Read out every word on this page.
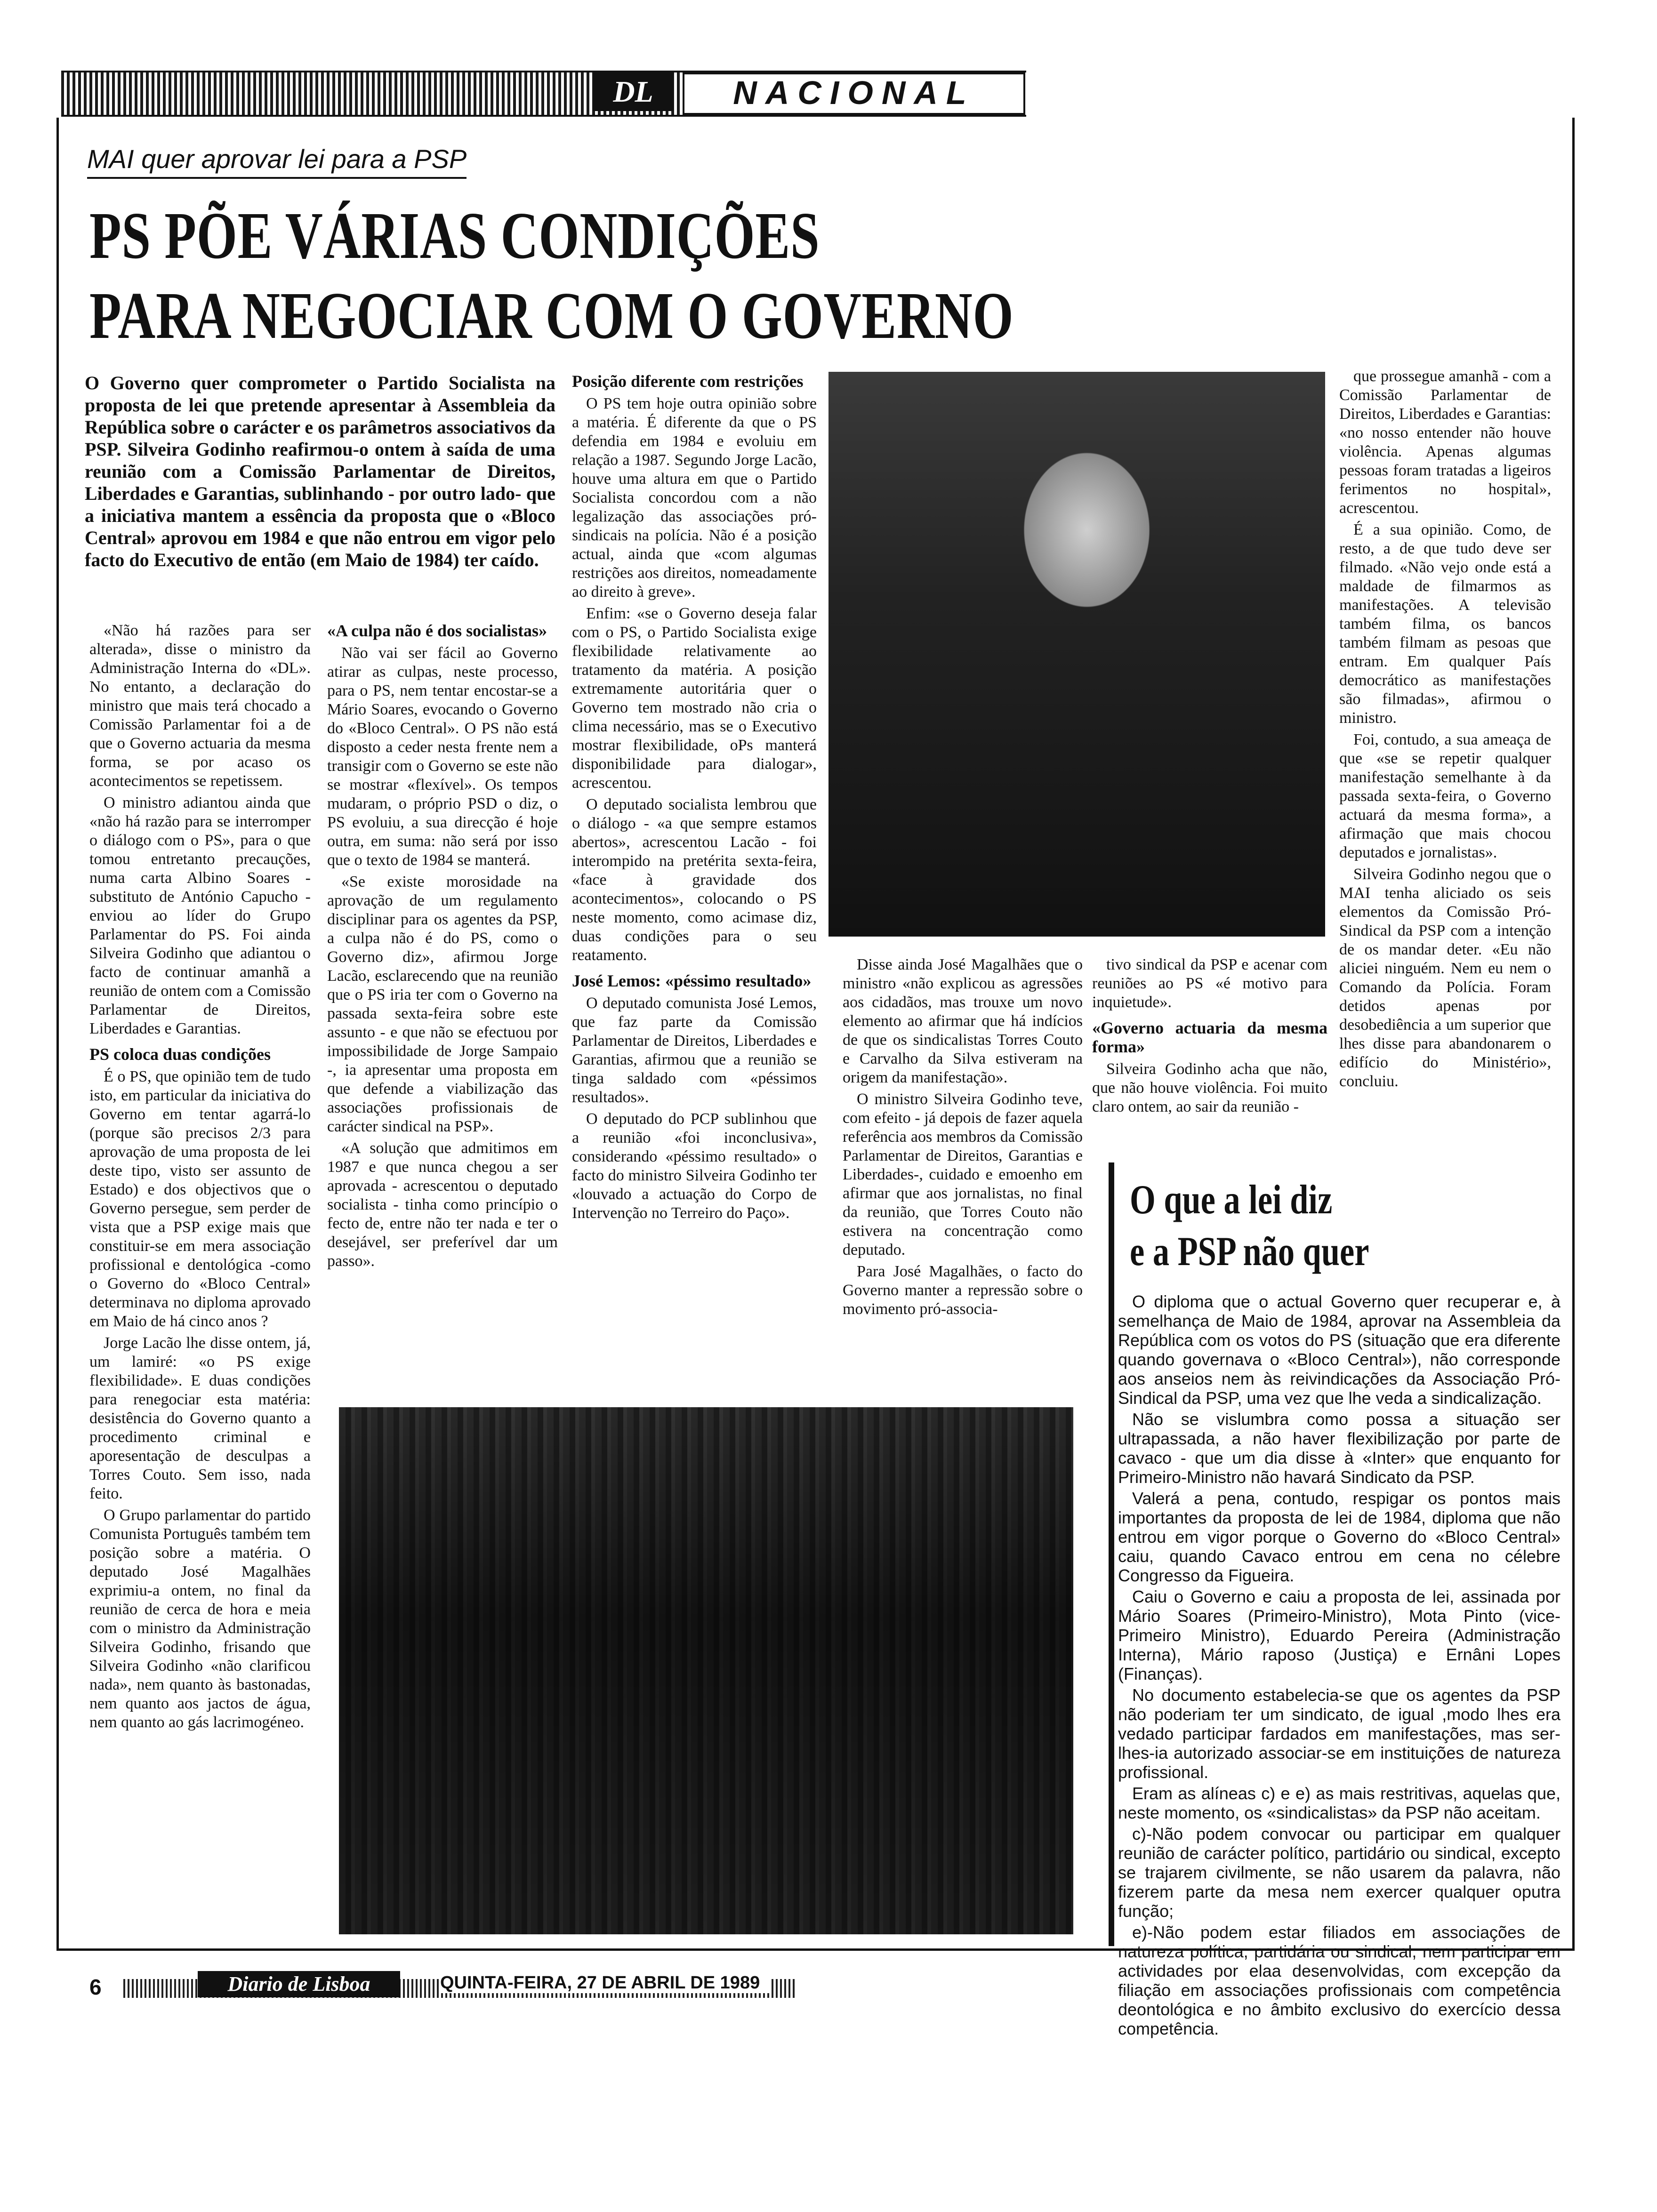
DL	NACIONAL
MAI quer aprovar lei para a PSP
PS PÕE VÁRIAS CONDIÇÕES
PARA NEGOCIAR COM O GOVERNO
O Governo quer comprometer o Partido Socialista na proposta de lei que pretende apresentar à Assembleia da República sobre o carácter e os parâmetros associativos da PSP. Silveira Godinho reafirmou-o ontem à saída de uma reunião com a Comissão Parlamentar de Direitos, Liberdades e Garantias, sublinhando - por outro lado- que a iniciativa mantem a essência da proposta que o «Bloco Central» aprovou em 1984 e que não entrou em vigor pelo facto do Executivo de então (em Maio de 1984) ter caído.

«Não há razões para ser alterada», disse o ministro da Administração Interna do «DL». No entanto, a declaração do ministro que mais terá chocado a Comissão Parlamentar foi a de que o Governo actuaria da mesma forma, se por acaso os acontecimentos se repetissem.

O ministro adiantou ainda que «não há razão para se interromper o diálogo com o PS», para o que tomou entretanto precauções, numa carta Albino Soares - substituto de António Capucho - enviou ao líder do Grupo Parlamentar do PS. Foi ainda Silveira Godinho que adiantou o facto de continuar amanhã a reunião de ontem com a Comissão Parlamentar de Direitos, Liberdades e Garantias.

PS coloca duas condições

É o PS, que opinião tem de tudo isto, em particular da iniciativa do Governo em tentar agarrá-lo (porque são precisos 2/3 para aprovação de uma proposta de lei deste tipo, visto ser assunto de Estado) e dos objectivos que o Governo persegue, sem perder de vista que a PSP exige mais que constituir-se em mera associação profissional e dentológica -como o Governo do «Bloco Central» determinava no diploma aprovado em Maio de há cinco anos ?

Jorge Lacão lhe disse ontem, já, um lamiré: «o PS exige flexibilidade». E duas condições para renegociar esta matéria: desistência do Governo quanto a procedimento criminal e aporesentação de desculpas a Torres Couto. Sem isso, nada feito.

O Grupo parlamentar do partido Comunista Português também tem posição sobre a matéria. O deputado José Magalhães exprimiu-a ontem, no final da reunião de cerca de hora e meia com o ministro da Administração Silveira Godinho, frisando que Silveira Godinho «não clarificou nada», nem quanto às bastonadas, nem quanto aos jactos de água, nem quanto ao gás lacrimogéneo.

«A culpa não é dos socialistas»

Não vai ser fácil ao Governo atirar as culpas, neste processo, para o PS, nem tentar encostar-se a Mário Soares, evocando o Governo do «Bloco Central». O PS não está disposto a ceder nesta frente nem a transigir com o Governo se este não se mostrar «flexível». Os tempos mudaram, o próprio PSD o diz, o PS evoluiu, a sua direcção é hoje outra, em suma: não será por isso que o texto de 1984 se manterá.

«Se existe morosidade na aprovação de um regulamento disciplinar para os agentes da PSP, a culpa não é do PS, como o Governo diz», afirmou Jorge Lacão, esclarecendo que na reunião que o PS iria ter com o Governo na passada sexta-feira sobre este assunto - e que não se efectuou por impossibilidade de Jorge Sampaio -, ia apresentar uma proposta em que defende a viabilização das associações profissionais de carácter sindical na PSP».

«A solução que admitimos em 1987 e que nunca chegou a ser aprovada - acrescentou o deputado socialista - tinha como princípio o fecto de, entre não ter nada e ter o desejável, ser preferível dar um passo».

Posição diferente com restrições

O PS tem hoje outra opinião sobre a matéria. É diferente da que o PS defendia em 1984 e evoluiu em relação a 1987. Segundo Jorge Lacão, houve uma altura em que o Partido Socialista concordou com a não legalização das associações pró-sindicais na polícia. Não é a posição actual, ainda que «com algumas restrições aos direitos, nomeadamente ao direito à greve».

Enfim: «se o Governo deseja falar com o PS, o Partido Socialista exige flexibilidade relativamente ao tratamento da matéria. A posição extremamente autoritária quer o Governo tem mostrado não cria o clima necessário, mas se o Executivo mostrar flexibilidade, oPs manterá disponibilidade para dialogar», acrescentou.

O deputado socialista lembrou que o diálogo - «a que sempre estamos abertos», acrescentou Lacão - foi interompido na pretérita sexta-feira, «face à gravidade dos acontecimentos», colocando o PS neste momento, como acimase diz, duas condições para o seu reatamento.

José Lemos: «péssimo resultado»

O deputado comunista José Lemos, que faz parte da Comissão Parlamentar de Direitos, Liberdades e Garantias, afirmou que a reunião se tinga saldado com «péssimos resultados».

O deputado do PCP sublinhou que a reunião «foi inconclusiva», considerando «péssimo resultado» o facto do ministro Silveira Godinho ter «louvado a actuação do Corpo de Intervenção no Terreiro do Paço».

Disse ainda José Magalhães que o ministro «não explicou as agressões aos cidadãos, mas trouxe um novo elemento ao afirmar que há indícios de que os sindicalistas Torres Couto e Carvalho da Silva estiveram na origem da manifestação».

O ministro Silveira Godinho teve, com efeito - já depois de fazer aquela referência aos membros da Comissão Parlamentar de Direitos, Garantias e Liberdades-, cuidado e emoenho em afirmar que aos jornalistas, no final da reunião, que Torres Couto não estivera na concentração como deputado.

Para José Magalhães, o facto do Governo manter a repressão sobre o movimento pró-associa-

tivo sindical da PSP e acenar com reuniões ao PS «é motivo para inquietude».

«Governo actuaria da mesma forma»

Silveira Godinho acha que não, que não houve violência. Foi muito claro ontem, ao sair da reunião -

que prossegue amanhã - com a Comissão Parlamentar de Direitos, Liberdades e Garantias: «no nosso entender não houve violência. Apenas algumas pessoas foram tratadas a ligeiros ferimentos no hospital», acrescentou.

É a sua opinião. Como, de resto, a de que tudo deve ser filmado. «Não vejo onde está a maldade de filmarmos as manifestações. A televisão também filma, os bancos também filmam as pesoas que entram. Em qualquer País democrático as manifestações são filmadas», afirmou o ministro.

Foi, contudo, a sua ameaça de que «se se repetir qualquer manifestação semelhante à da passada sexta-feira, o Governo actuará da mesma forma», a afirmação que mais chocou deputados e jornalistas».

Silveira Godinho negou que o MAI tenha aliciado os seis elementos da Comissão Pró-Sindical da PSP com a intenção de os mandar deter. «Eu não aliciei ninguém. Nem eu nem o Comando da Polícia. Foram detidos apenas por desobediência a um superior que lhes disse para abandonarem o edifício do Ministério», concluiu.

O que a lei diz
e a PSP não quer

O diploma que o actual Governo quer recuperar e, à semelhança de Maio de 1984, aprovar na Assembleia da República com os votos do PS (situação que era diferente quando governava o «Bloco Central»), não corresponde aos anseios nem às reivindicações da Associação Pró-Sindical da PSP, uma vez que lhe veda a sindicalização.

Não se vislumbra como possa a situação ser ultrapassada, a não haver flexibilização por parte de cavaco - que um dia disse à «Inter» que enquanto for Primeiro-Ministro não havará Sindicato da PSP.

Valerá a pena, contudo, respigar os pontos mais importantes da proposta de lei de 1984, diploma que não entrou em vigor porque o Governo do «Bloco Central» caiu, quando Cavaco entrou em cena no célebre Congresso da Figueira.

Caiu o Governo e caiu a proposta de lei, assinada por Mário Soares (Primeiro-Ministro), Mota Pinto (vice-Primeiro Ministro), Eduardo Pereira (Administração Interna), Mário raposo (Justiça) e Ernâni Lopes (Finanças).

No documento estabelecia-se que os agentes da PSP não poderiam ter um sindicato, de igual ,modo lhes era vedado participar fardados em manifestações, mas ser-lhes-ia autorizado associar-se em instituições de natureza profissional.

Eram as alíneas c) e e) as mais restritivas, aquelas que, neste momento, os «sindicalistas» da PSP não aceitam.

c)-Não podem convocar ou participar em qualquer reunião de carácter político, partidário ou sindical, excepto se trajarem civilmente, se não usarem da palavra, não fizerem parte da mesa nem exercer qualquer oputra função;

e)-Não podem estar filiados em associações de natureza política, partidária ou sindical, nem participar em actividades por elaa desenvolvidas, com excepção da filiação em associações profissionais com competência deontológica e no âmbito exclusivo do exercício dessa competência.

6	Diario de Lisboa	QUINTA-FEIRA, 27 DE ABRIL DE 1989
